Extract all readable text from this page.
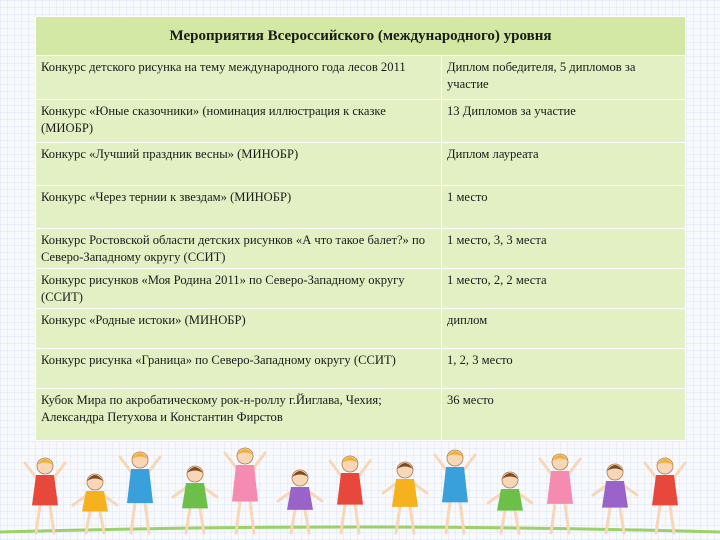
Мероприятия Всероссийского (международного) уровня	
Конкурс детского рисунка на тему международного года лесов 2011	Диплом победителя, 5 дипломов за участие
Конкурс «Юные сказочники» (номинация иллюстрация к сказке (МИОБР)	13 Дипломов за участие
Конкурс «Лучший праздник весны» (МИНОБР)	Диплом лауреата
Конкурс «Через тернии к звездам» (МИНОБР)	1 место
Конкурс Ростовской области детских рисунков «А что такое балет?» по Северо-Западному округу (ССИТ)	1 место, 3, 3 места
Конкурс рисунков «Моя Родина 2011» по Северо-Западному округу (ССИТ)	1 место, 2, 2 места
Конкурс «Родные истоки» (МИНОБР)	диплом
Конкурс рисунка «Граница» по Северо-Западному округу (ССИТ)	1, 2, 3 место
Кубок Мира по акробатическому рок-н-роллу г.Йиглава, Чехия; Александра Петухова и Константин Фирстов	36 место
